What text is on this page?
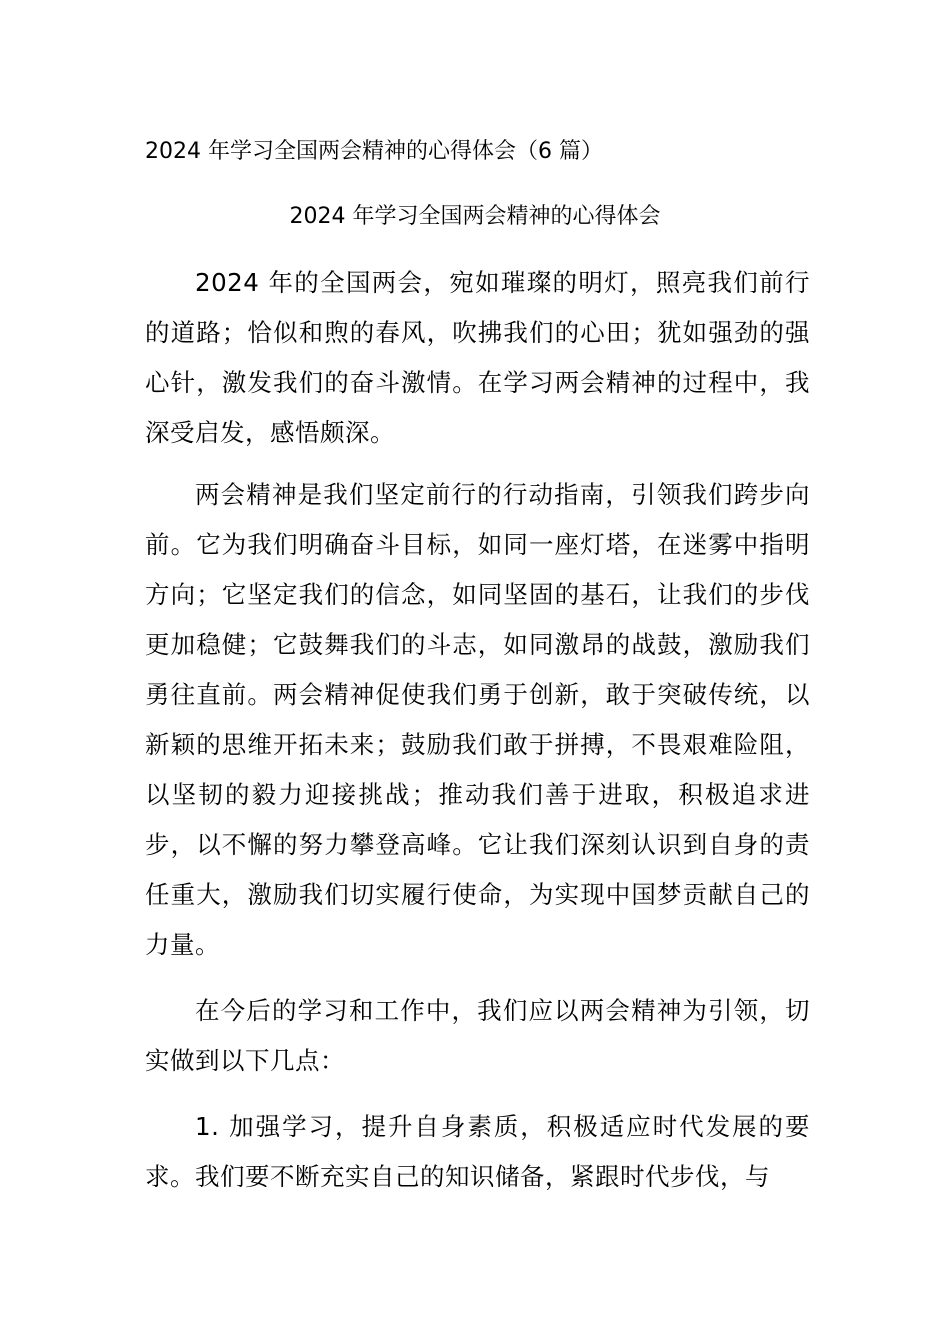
2024 年学习全国两会精神的心得体会（6 篇）
2024 年学习全国两会精神的心得体会

2024 年的全国两会，宛如璀璨的明灯，照亮我们前行的道路；恰似和煦的春风，吹拂我们的心田；犹如强劲的强心针，激发我们的奋斗激情。在学习两会精神的过程中，我深受启发，感悟颇深。

两会精神是我们坚定前行的行动指南，引领我们跨步向前。它为我们明确奋斗目标，如同一座灯塔，在迷雾中指明方向；它坚定我们的信念，如同坚固的基石，让我们的步伐更加稳健；它鼓舞我们的斗志，如同激昂的战鼓，激励我们勇往直前。两会精神促使我们勇于创新，敢于突破传统，以新颖的思维开拓未来；鼓励我们敢于拼搏，不畏艰难险阻，以坚韧的毅力迎接挑战；推动我们善于进取，积极追求进步，以不懈的努力攀登高峰。它让我们深刻认识到自身的责任重大，激励我们切实履行使命，为实现中国梦贡献自己的力量。

在今后的学习和工作中，我们应以两会精神为引领，切实做到以下几点：

1. 加强学习，提升自身素质，积极适应时代发展的要求。我们要不断充实自己的知识储备，紧跟时代步伐，与
